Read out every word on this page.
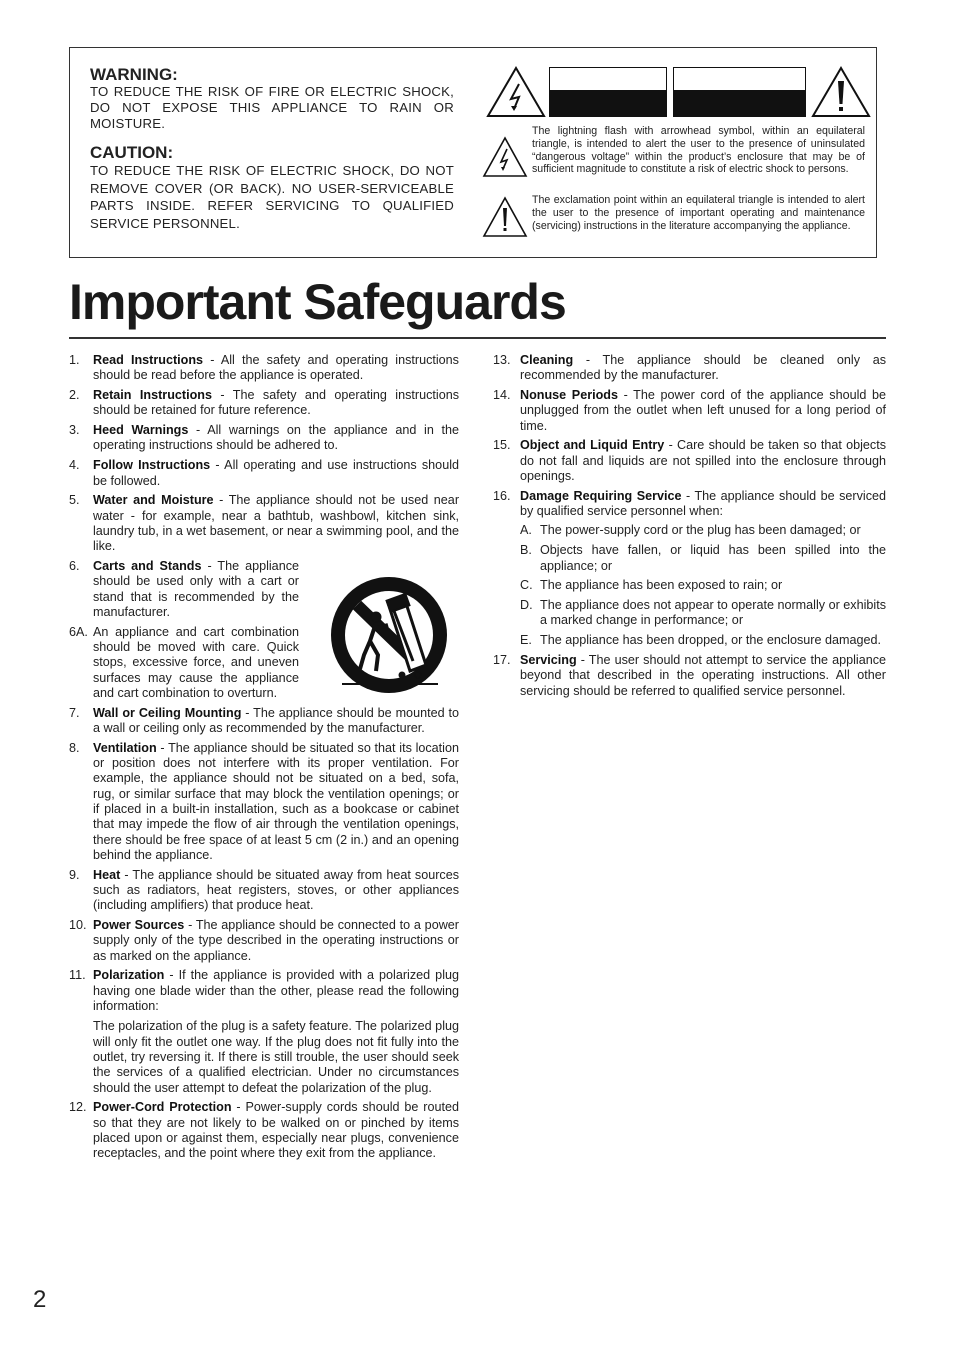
WARNING:

TO REDUCE THE RISK OF FIRE OR ELECTRIC SHOCK, DO NOT EXPOSE THIS APPLIANCE TO RAIN OR MOISTURE.

CAUTION:

TO REDUCE THE RISK OF ELECTRIC SHOCK, DO NOT REMOVE COVER (OR BACK). NO USER-SERVICEABLE PARTS INSIDE. REFER SERVICING TO QUALIFIED SERVICE PERSONNEL.

The lightning flash with arrowhead symbol, within an equilateral triangle, is intended to alert the user to the presence of uninsulated “dangerous voltage” within the product’s enclosure that may be of sufficient magnitude to constitute a risk of electric shock to persons.
The exclamation point within an equilateral triangle is intended to alert the user to the presence of important operating and maintenance (servicing) instructions in the literature accompanying the appliance.
Important Safeguards
1. Read Instructions - All the safety and operating instructions should be read before the appliance is operated.
2. Retain Instructions - The safety and operating instructions should be retained for future reference.
3. Heed Warnings - All warnings on the appliance and in the operating instructions should be adhered to.
4. Follow Instructions - All operating and use instructions should be followed.
5. Water and Moisture - The appliance should not be used near water - for example, near a bathtub, washbowl, kitchen sink, laundry tub, in a wet basement, or near a swimming pool, and the like.
6. Carts and Stands - The appliance should be used only with a cart or stand that is recommended by the manufacturer.
6A. An appliance and cart combination should be moved with care. Quick stops, excessive force, and uneven surfaces may cause the appliance and cart combination to overturn.
7. Wall or Ceiling Mounting - The appliance should be mounted to a wall or ceiling only as recommended by the manufacturer.
8. Ventilation - The appliance should be situated so that its location or position does not interfere with its proper ventilation. For example, the appliance should not be situated on a bed, sofa, rug, or similar surface that may block the ventilation openings; or if placed in a built-in installation, such as a bookcase or cabinet that may impede the flow of air through the ventilation openings, there should be free space of at least 5 cm (2 in.) and an opening behind the appliance.
9. Heat - The appliance should be situated away from heat sources such as radiators, heat registers, stoves, or other appliances (including amplifiers) that produce heat.
10. Power Sources - The appliance should be connected to a power supply only of the type described in the operating instructions or as marked on the appliance.
11. Polarization - If the appliance is provided with a polarized plug having one blade wider than the other, please read the following information:
The polarization of the plug is a safety feature. The polarized plug will only fit the outlet one way. If the plug does not fit fully into the outlet, try reversing it. If there is still trouble, the user should seek the services of a qualified electrician. Under no circumstances should the user attempt to defeat the polarization of the plug.
12. Power-Cord Protection - Power-supply cords should be routed so that they are not likely to be walked on or pinched by items placed upon or against them, especially near plugs, convenience receptacles, and the point where they exit from the appliance.
13. Cleaning - The appliance should be cleaned only as recommended by the manufacturer.
14. Nonuse Periods - The power cord of the appliance should be unplugged from the outlet when left unused for a long period of time.
15. Object and Liquid Entry - Care should be taken so that objects do not fall and liquids are not spilled into the enclosure through openings.
16. Damage Requiring Service - The appliance should be serviced by qualified service personnel when:
A. The power-supply cord or the plug has been damaged; or
B. Objects have fallen, or liquid has been spilled into the appliance; or
C. The appliance has been exposed to rain; or
D. The appliance does not appear to operate normally or exhibits a marked change in performance; or
E. The appliance has been dropped, or the enclosure damaged.
17. Servicing - The user should not attempt to service the appliance beyond that described in the operating instructions. All other servicing should be referred to qualified service personnel.
2
